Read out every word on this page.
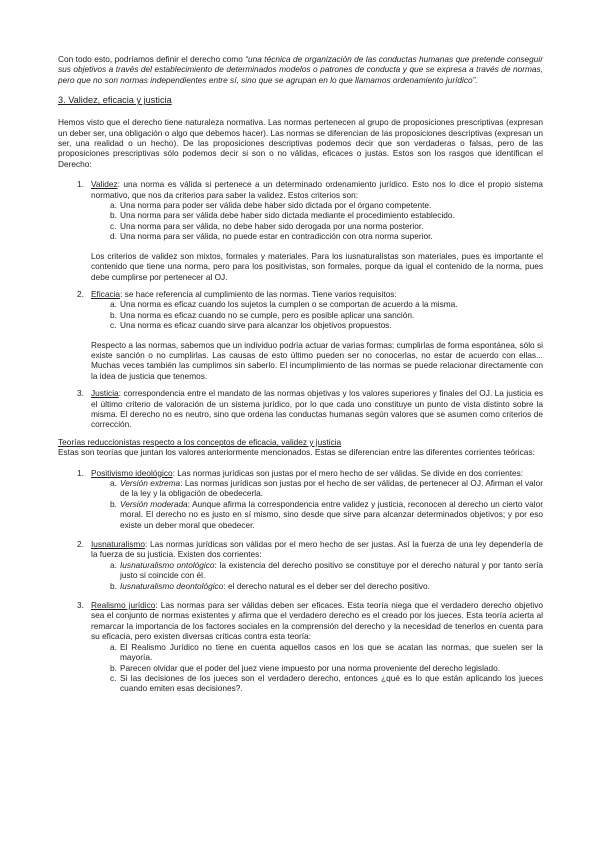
Con todo esto, podríamos definir el derecho como “una técnica de organización de las conductas humanas que pretende conseguir sus objetivos a través del establecimiento de determinados modelos o patrones de conducta y que se expresa a través de normas, pero que no son normas independientes entre sí, sino que se agrupan en lo que llamamos ordenamiento jurídico”.

3. Validez, eficacia y justicia

Hemos visto que el derecho tiene naturaleza normativa. Las normas pertenecen al grupo de proposiciones prescriptivas (expresan un deber ser, una obligación o algo que debemos hacer). Las normas se diferencian de las proposiciones descriptivas (expresan un ser, una realidad o un hecho). De las proposiciones descriptivas podemos decir que son verdaderas o falsas, pero de las proposiciones prescriptivas sólo podemos decir si son o no válidas, eficaces o justas. Estos son los rasgos que identifican el Derecho:

1. Validez: una norma es válida si pertenece a un determinado ordenamiento jurídico. Esto nos lo dice el propio sistema normativo, que nos da criterios para saber la validez. Estos criterios son:

a. Una norma para poder ser válida debe haber sido dictada por el órgano competente.
b. Una norma para ser válida debe haber sido dictada mediante el procedimiento establecido.
c. Una norma para ser válida, no debe haber sido derogada por una norma posterior.
d. Una norma para ser válida, no puede estar en contradicción con otra norma superior.

Los criterios de validez son mixtos, formales y materiales. Para los iusnaturalistas son materiales, pues es importante el contenido que tiene una norma, pero para los positivistas, son formales, porque da igual el contenido de la norma, pues debe cumplirse por pertenecer al OJ.

2. Eficacia: se hace referencia al cumplimiento de las normas. Tiene varios requisitos:

a. Una norma es eficaz cuando los sujetos la cumplen o se comportan de acuerdo a la misma.
b. Una norma es eficaz cuando no se cumple, pero es posible aplicar una sanción.
c. Una norma es eficaz cuando sirve para alcanzar los objetivos propuestos.

Respecto a las normas, sabemos que un individuo podría actuar de varias formas: cumplirlas de forma espontánea, sólo si existe sanción o no cumplirlas. Las causas de esto último pueden ser no conocerlas, no estar de acuerdo con ellas... Muchas veces también las cumplimos sin saberlo. El incumplimiento de las normas se puede relacionar directamente con la idea de justicia que tenemos.

3. Justicia: correspondencia entre el mandato de las normas objetivas y los valores superiores y finales del OJ. La justicia es el último criterio de valoración de un sistema jurídico, por lo que cada uno constituye un punto de vista distinto sobre la misma. El derecho no es neutro, sino que ordena las conductas humanas según valores que se asumen como criterios de corrección.

Teorías reduccionistas respecto a los conceptos de eficacia, validez y justicia

Estas son teorías que juntan los valores anteriormente mencionados. Estas se diferencian entre las diferentes corrientes teóricas:

1. Positivismo ideológico: Las normas jurídicas son justas por el mero hecho de ser válidas. Se divide en dos corrientes:

a. Versión extrema: Las normas jurídicas son justas por el hecho de ser válidas, de pertenecer al OJ. Afirman el valor de la ley y la obligación de obedecerla.

b. Versión moderada: Aunque afirma la correspondencia entre validez y justicia, reconocen al derecho un cierto valor moral. El derecho no es justo en sí mismo, sino desde que sirve para alcanzar determinados objetivos; y por eso existe un deber moral que obedecer.

2. Iusnaturalismo: Las normas jurídicas son válidas por el mero hecho de ser justas. Así la fuerza de una ley dependería de la fuerza de su justicia. Existen dos corrientes:

a. Iusnaturalismo ontológico: la existencia del derecho positivo se constituye por el derecho natural y por tanto sería justo si coincide con él.

b. Iusnaturalismo deontológico: el derecho natural es el deber ser del derecho positivo.

3. Realismo jurídico: Las normas para ser válidas deben ser eficaces. Esta teoría niega que el verdadero derecho objetivo sea el conjunto de normas existentes y afirma que el verdadero derecho es el creado por los jueces. Esta teoría acierta al remarcar la importancia de los factores sociales en la comprensión del derecho y la necesidad de tenerlos en cuenta para su eficacia, pero existen diversas críticas contra esta teoría:

a. El Realismo Jurídico no tiene en cuenta aquellos casos en los que se acatan las normas, que suelen ser la mayoría.

b. Parecen olvidar que el poder del juez viene impuesto por una norma proveniente del derecho legislado.

c. Si las decisiones de los jueces son el verdadero derecho, entonces ¿qué es lo que están aplicando los jueces cuando emiten esas decisiones?.
